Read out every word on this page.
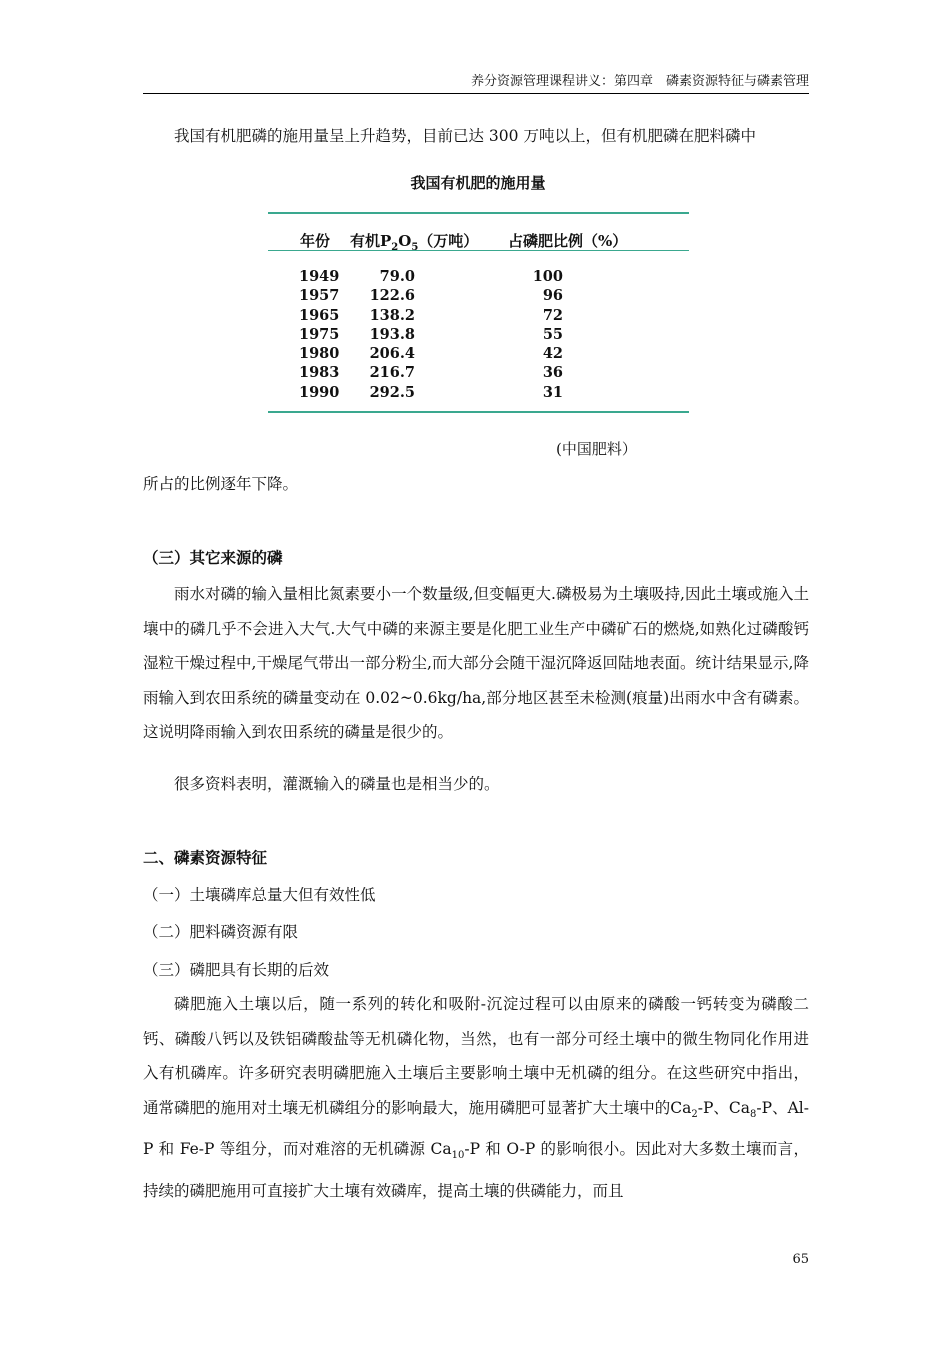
养分资源管理课程讲义：第四章　磷素资源特征与磷素管理

我国有机肥磷的施用量呈上升趋势，目前已达 300 万吨以上，但有机肥磷在肥料磷中

我国有机肥的施用量
年份 有机$P_2O_5$（万吨） 占磷肥比例（%）
1949	79.0	100
1957	122.6	96
1965	138.2	72
1975	193.8	55
1980	206.4	42
1983	216.7	36
1990	292.5	31
(中国肥料）

所占的比例逐年下降。

（三）其它来源的磷

雨水对磷的输入量相比氮素要小一个数量级,但变幅更大.磷极易为土壤吸持,因此土壤或施入土壤中的磷几乎不会进入大气.大气中磷的来源主要是化肥工业生产中磷矿石的燃烧,如熟化过磷酸钙湿粒干燥过程中,干燥尾气带出一部分粉尘,而大部分会随干湿沉降返回陆地表面。统计结果显示,降雨输入到农田系统的磷量变动在 0.02~0.6kg/ha,部分地区甚至未检测(痕量)出雨水中含有磷素。这说明降雨输入到农田系统的磷量是很少的。

很多资料表明，灌溉输入的磷量也是相当少的。

二、磷素资源特征

（一）土壤磷库总量大但有效性低

（二）肥料磷资源有限

（三）磷肥具有长期的后效

磷肥施入土壤以后，随一系列的转化和吸附-沉淀过程可以由原来的磷酸一钙转变为磷酸二钙、磷酸八钙以及铁铝磷酸盐等无机磷化物，当然，也有一部分可经土壤中的微生物同化作用进入有机磷库。许多研究表明磷肥施入土壤后主要影响土壤中无机磷的组分。在这些研究中指出，通常磷肥的施用对土壤无机磷组分的影响最大，施用磷肥可显著扩大土壤中的$Ca_2-P$、$Ca_8-P$、Al-P 和 Fe-P 等组分，而对难溶的无机磷源 $Ca_{10}-P$ 和 O-P 的影响很小。因此对大多数土壤而言，持续的磷肥施用可直接扩大土壤有效磷库，提高土壤的供磷能力，而且

65
